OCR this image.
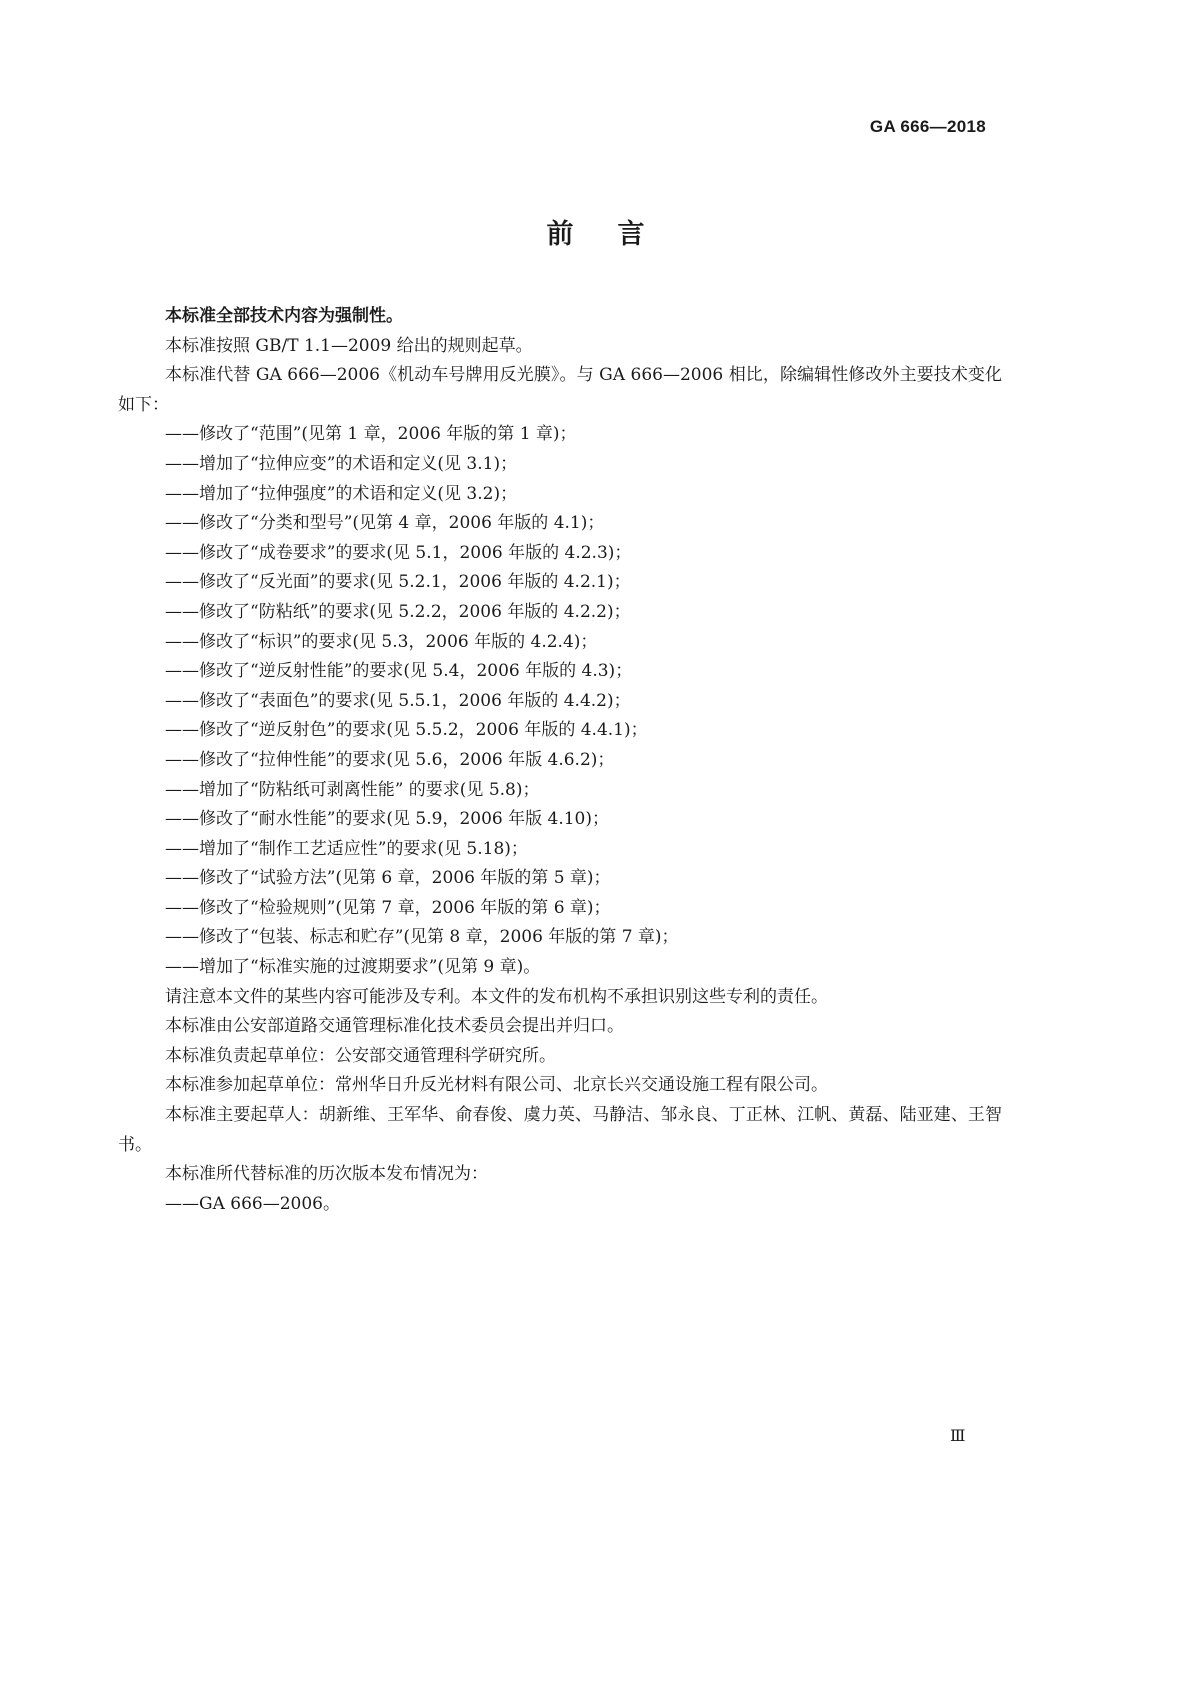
GA 666—2018
前言
本标准全部技术内容为强制性。
本标准按照 GB/T 1.1—2009 给出的规则起草。
本标准代替 GA 666—2006《机动车号牌用反光膜》。与 GA 666—2006 相比，除编辑性修改外主要技术变化如下：
——修改了“范围”(见第 1 章，2006 年版的第 1 章)；
——增加了“拉伸应变”的术语和定义(见 3.1)；
——增加了“拉伸强度”的术语和定义(见 3.2)；
——修改了“分类和型号”(见第 4 章，2006 年版的 4.1)；
——修改了“成卷要求”的要求(见 5.1，2006 年版的 4.2.3)；
——修改了“反光面”的要求(见 5.2.1，2006 年版的 4.2.1)；
——修改了“防粘纸”的要求(见 5.2.2，2006 年版的 4.2.2)；
——修改了“标识”的要求(见 5.3，2006 年版的 4.2.4)；
——修改了“逆反射性能”的要求(见 5.4，2006 年版的 4.3)；
——修改了“表面色”的要求(见 5.5.1，2006 年版的 4.4.2)；
——修改了“逆反射色”的要求(见 5.5.2，2006 年版的 4.4.1)；
——修改了“拉伸性能”的要求(见 5.6，2006 年版 4.6.2)；
——增加了“防粘纸可剥离性能” 的要求(见 5.8)；
——修改了“耐水性能”的要求(见 5.9，2006 年版 4.10)；
——增加了“制作工艺适应性”的要求(见 5.18)；
——修改了“试验方法”(见第 6 章，2006 年版的第 5 章)；
——修改了“检验规则”(见第 7 章，2006 年版的第 6 章)；
——修改了“包装、标志和贮存”(见第 8 章，2006 年版的第 7 章)；
——增加了“标准实施的过渡期要求”(见第 9 章)。
请注意本文件的某些内容可能涉及专利。本文件的发布机构不承担识别这些专利的责任。
本标准由公安部道路交通管理标准化技术委员会提出并归口。
本标准负责起草单位：公安部交通管理科学研究所。
本标准参加起草单位：常州华日升反光材料有限公司、北京长兴交通设施工程有限公司。
本标准主要起草人：胡新维、王军华、俞春俊、虞力英、马静洁、邹永良、丁正林、江帆、黄磊、陆亚建、王智书。
本标准所代替标准的历次版本发布情况为：
——GA 666—2006。
Ⅲ
